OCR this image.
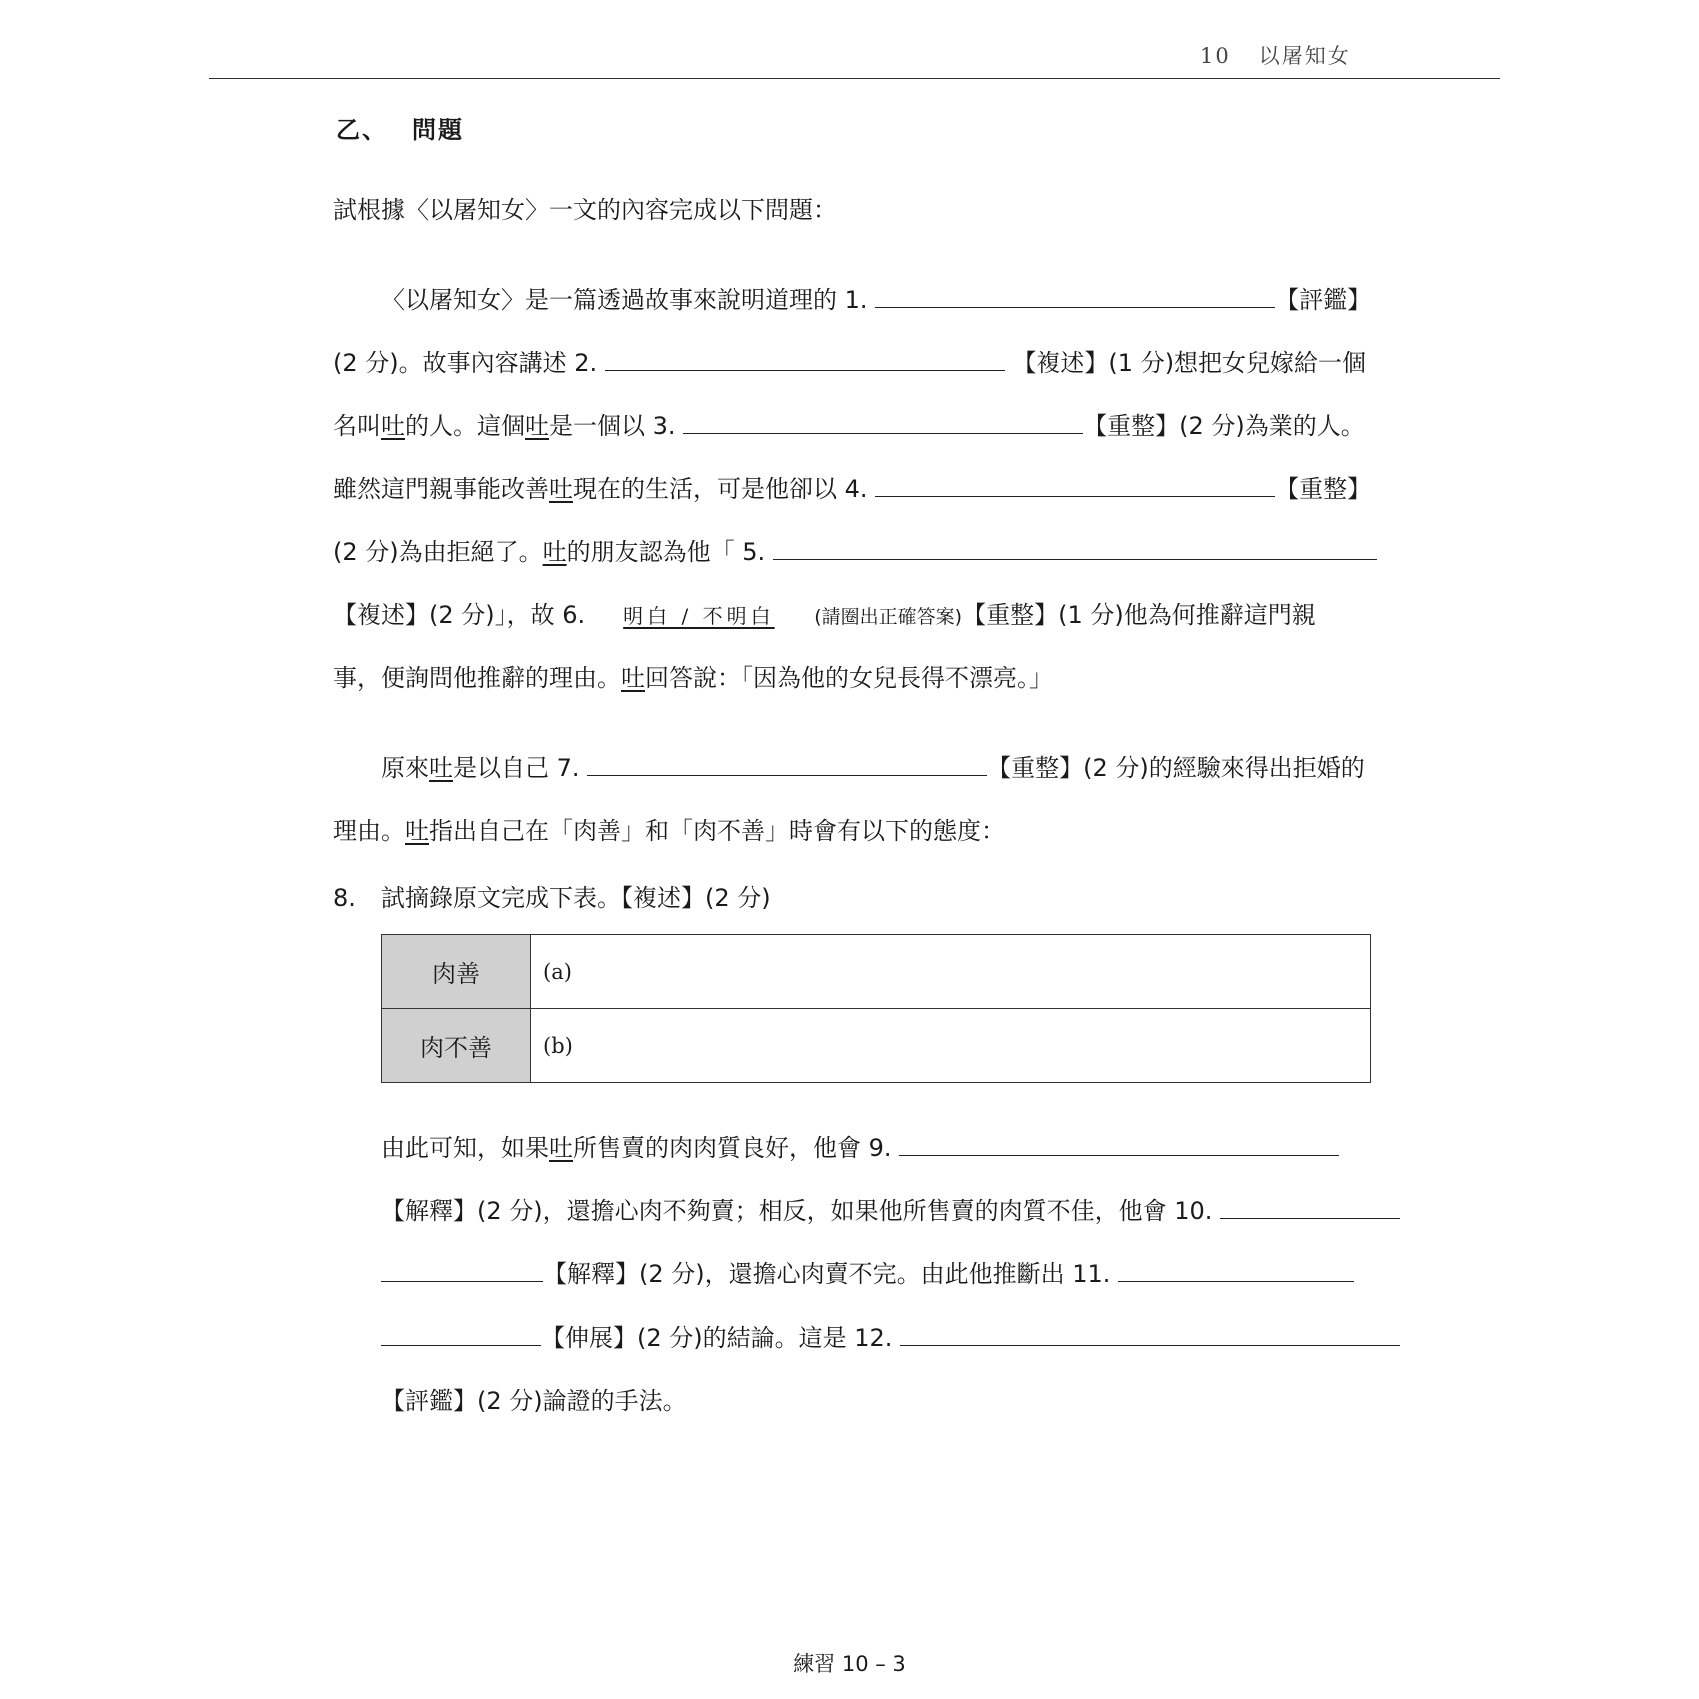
10 以屠知女
乙、 問題
試根據〈以屠知女〉一文的內容完成以下問題：
〈以屠知女〉是一篇透過故事來說明道理的 1.	【評鑑】
(2 分)。故事內容講述 2.	【複述】(1 分)想把女兒嫁給一個
名叫吐的人。這個吐是一個以 3.	【重整】(2 分)為業的人。
雖然這門親事能改善吐現在的生活，可是他卻以 4.	【重整】
(2 分)為由拒絕了。吐的朋友認為他「 5.
【複述】(2 分)」，故 6. 明白 / 不明白 (請圈出正確答案)【重整】(1 分)他為何推辭這門親
事，便詢問他推辭的理由。吐回答說：「因為他的女兒長得不漂亮。」
原來吐是以自己 7.	【重整】(2 分)的經驗來得出拒婚的
理由。吐指出自己在「肉善」和「肉不善」時會有以下的態度：
8. 試摘錄原文完成下表。【複述】(2 分)
肉善	(a)
肉不善	(b)
由此可知，如果吐所售賣的肉肉質良好，他會 9.
【解釋】(2 分)，還擔心肉不夠賣；相反，如果他所售賣的肉質不佳，他會 10.
【解釋】(2 分)，還擔心肉賣不完。由此他推斷出 11.
【伸展】(2 分)的結論。這是 12.
【評鑑】(2 分)論證的手法。
練習 10 – 3
